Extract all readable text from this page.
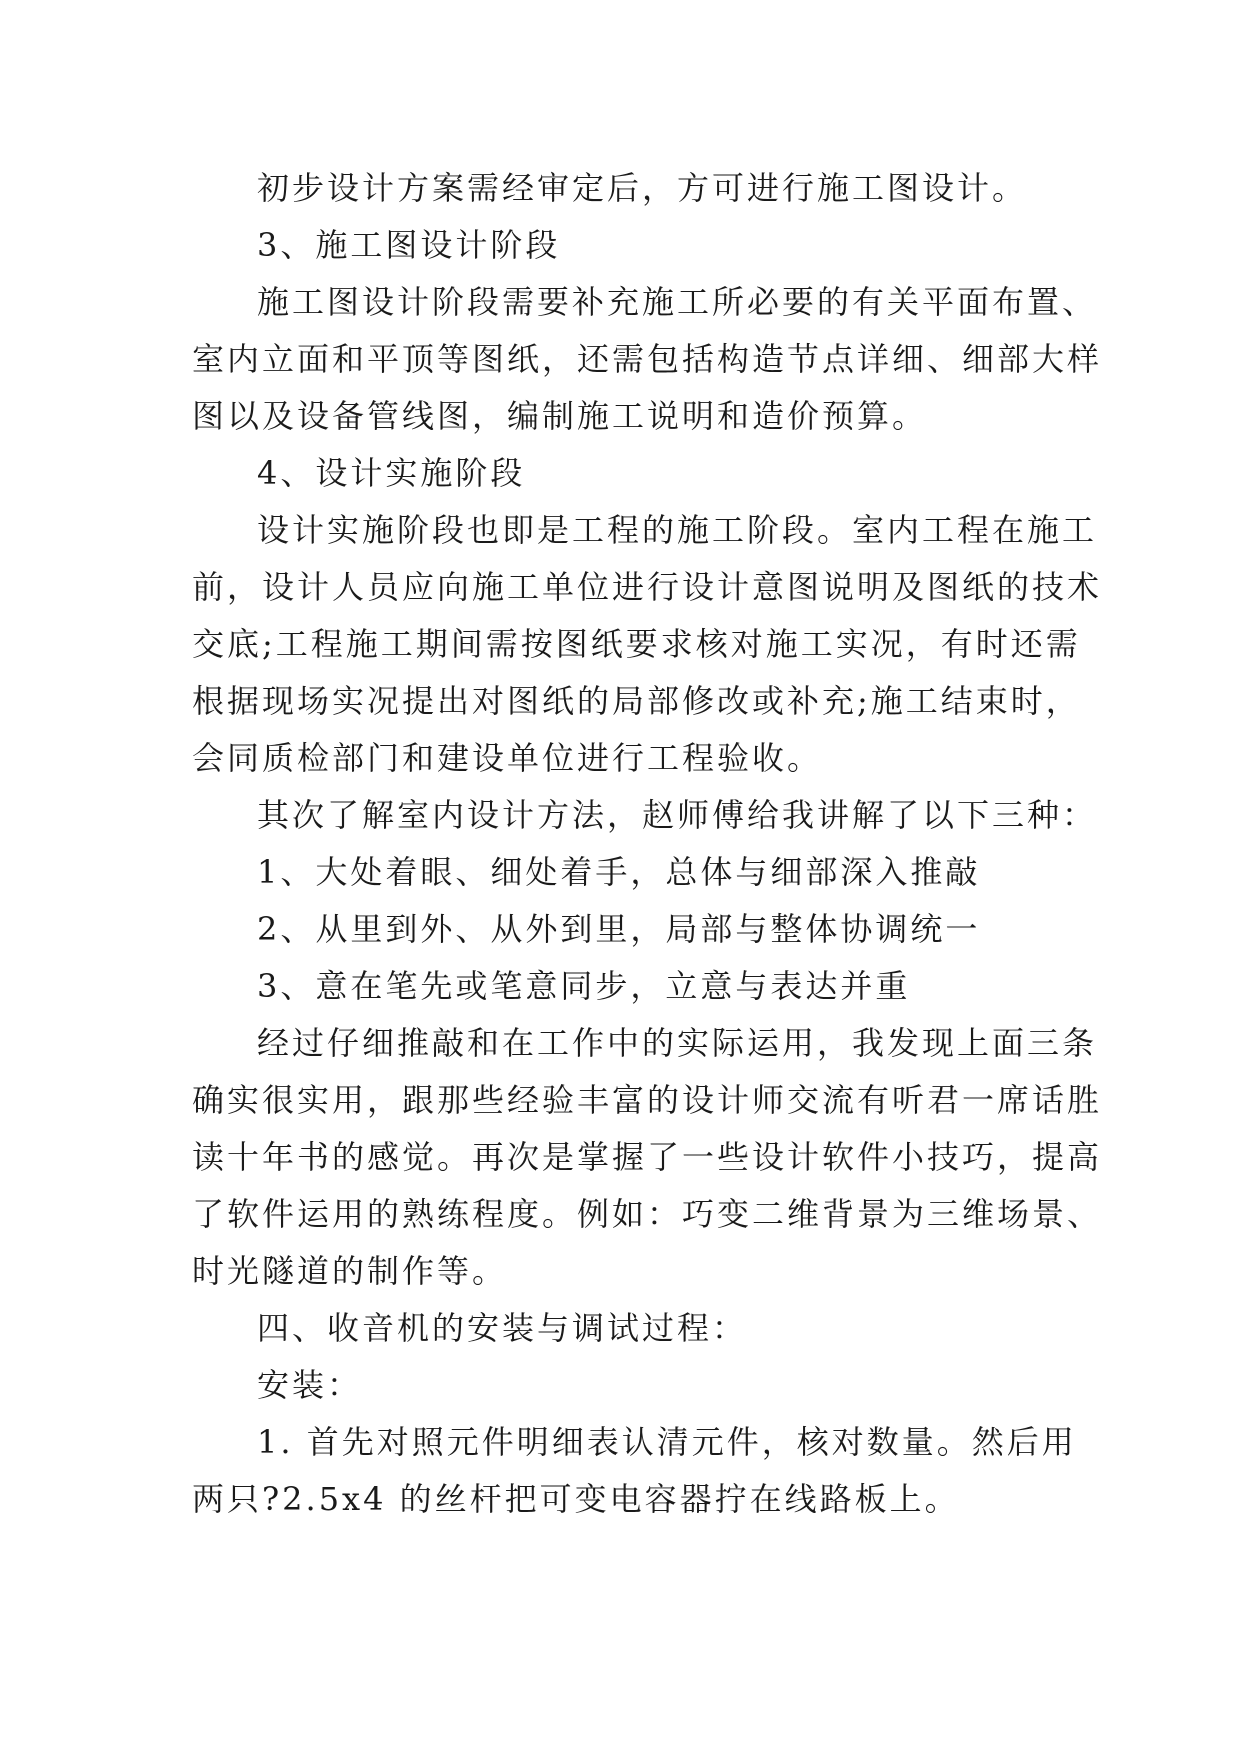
初步设计方案需经审定后，方可进行施工图设计。
3、施工图设计阶段
施工图设计阶段需要补充施工所必要的有关平面布置、
室内立面和平顶等图纸，还需包括构造节点详细、细部大样
图以及设备管线图，编制施工说明和造价预算。
4、设计实施阶段
设计实施阶段也即是工程的施工阶段。室内工程在施工
前，设计人员应向施工单位进行设计意图说明及图纸的技术
交底;工程施工期间需按图纸要求核对施工实况，有时还需
根据现场实况提出对图纸的局部修改或补充;施工结束时，
会同质检部门和建设单位进行工程验收。
其次了解室内设计方法，赵师傅给我讲解了以下三种：
1、大处着眼、细处着手，总体与细部深入推敲
2、从里到外、从外到里，局部与整体协调统一
3、意在笔先或笔意同步，立意与表达并重
经过仔细推敲和在工作中的实际运用，我发现上面三条
确实很实用，跟那些经验丰富的设计师交流有听君一席话胜
读十年书的感觉。再次是掌握了一些设计软件小技巧，提高
了软件运用的熟练程度。例如：巧变二维背景为三维场景、
时光隧道的制作等。
四、收音机的安装与调试过程：
安装：
1. 首先对照元件明细表认清元件，核对数量。然后用
两只?2.5x4 的丝杆把可变电容器拧在线路板上。
